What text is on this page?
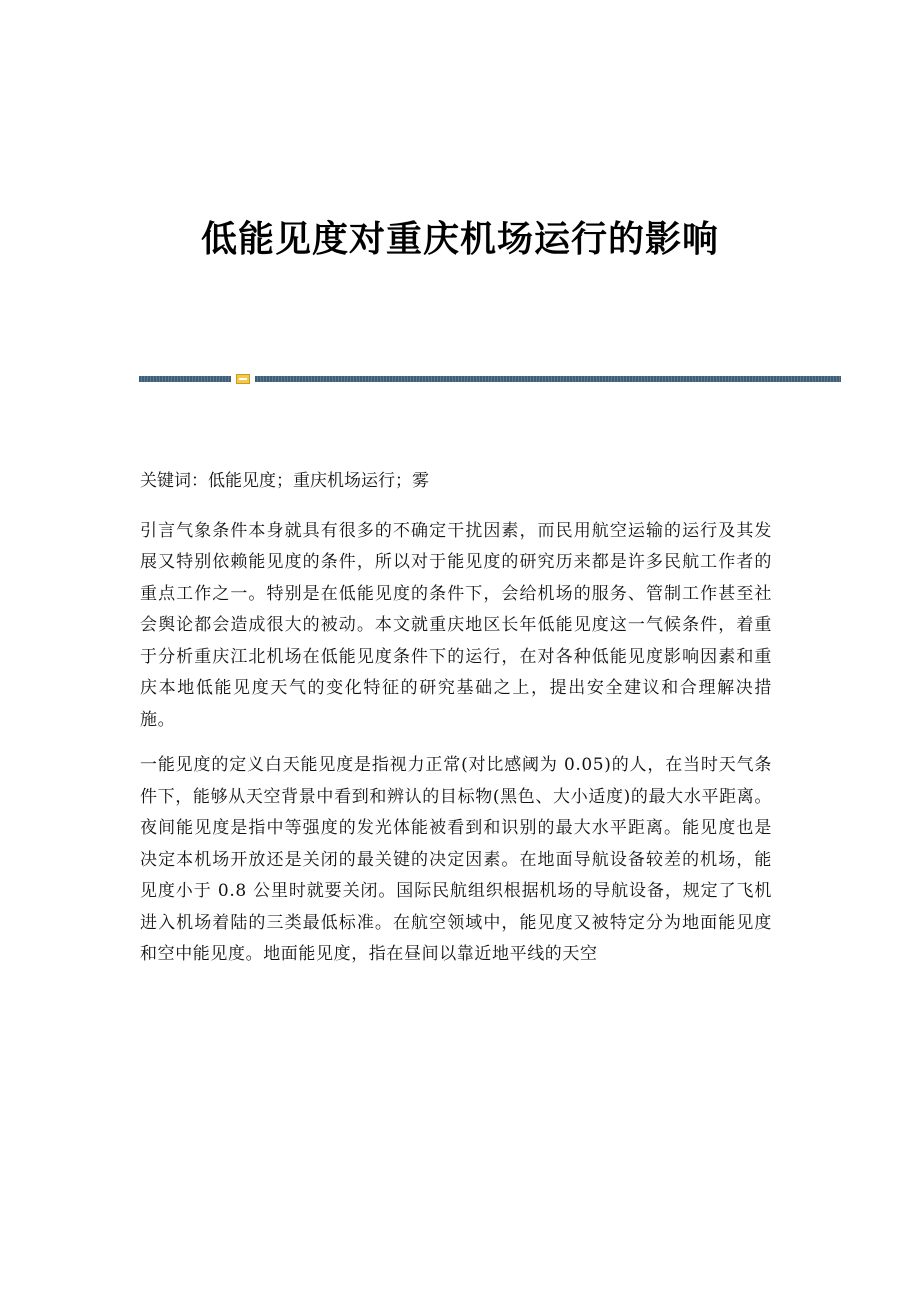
低能见度对重庆机场运行的影响

关键词：低能见度；重庆机场运行；雾

引言气象条件本身就具有很多的不确定干扰因素，而民用航空运输的运行及其发展又特别依赖能见度的条件，所以对于能见度的研究历来都是许多民航工作者的重点工作之一。特别是在低能见度的条件下，会给机场的服务、管制工作甚至社会舆论都会造成很大的被动。本文就重庆地区长年低能见度这一气候条件，着重于分析重庆江北机场在低能见度条件下的运行，在对各种低能见度影响因素和重庆本地低能见度天气的变化特征的研究基础之上，提出安全建议和合理解决措施。

一能见度的定义白天能见度是指视力正常(对比感阈为 0.05)的人，在当时天气条件下，能够从天空背景中看到和辨认的目标物(黑色、大小适度)的最大水平距离。夜间能见度是指中等强度的发光体能被看到和识别的最大水平距离。能见度也是决定本机场开放还是关闭的最关键的决定因素。在地面导航设备较差的机场，能见度小于 0.8 公里时就要关闭。国际民航组织根据机场的导航设备，规定了飞机进入机场着陆的三类最低标准。在航空领域中，能见度又被特定分为地面能见度和空中能见度。地面能见度，指在昼间以靠近地平线的天空
